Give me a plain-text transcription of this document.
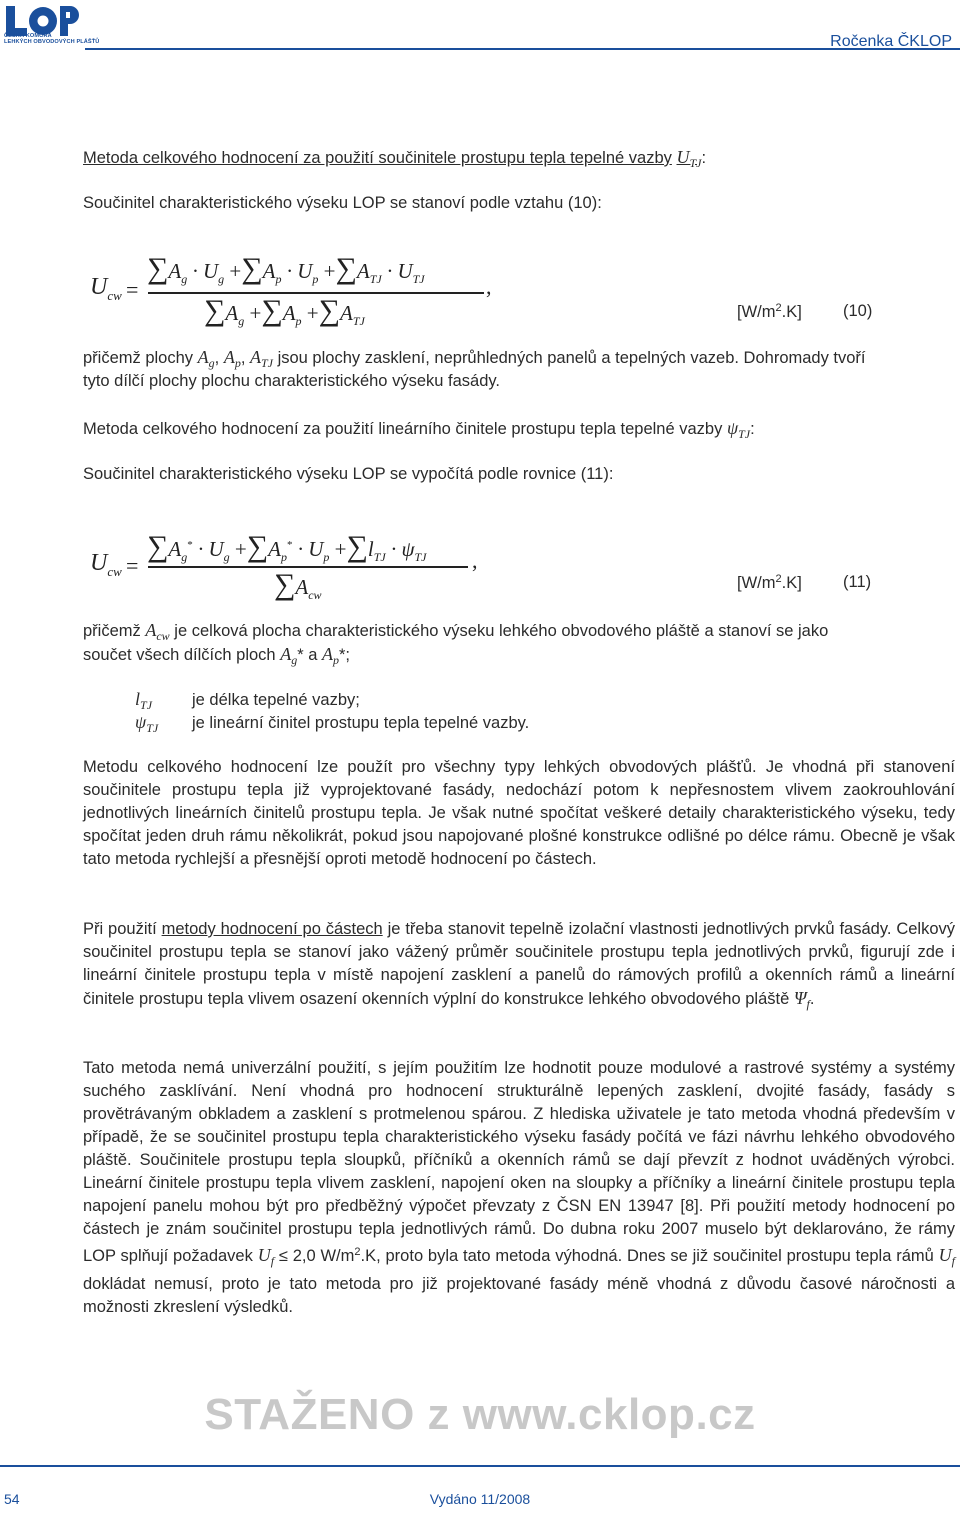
ČESKÁ KOMORA
LEHKÝCH OBVODOVÝCH PLÁŠŤŮ	Ročenka ČKLOP
Metoda celkového hodnocení za použití součinitele prostupu tepla tepelné vazby $U_{TJ}$:
Součinitel charakteristického výseku LOP se stanoví podle vztahu (10):
$U_{cw}$ =
$\sum A_g \cdot U_g +\sum A_p \cdot U_p +\sum A_{TJ} \cdot U_{TJ}$
$\sum A_g +\sum A_p +\sum A_{TJ}$
,
$[W/m^2.K]$ (10)
přičemž plochy $A_g$, $A_p$, $A_{TJ}$ jsou plochy zasklení, neprůhledných panelů a tepelných vazeb. Dohromady tvoří
tyto dílčí plochy plochu charakteristického výseku fasády.
Metoda celkového hodnocení za použití lineárního činitele prostupu tepla tepelné vazby $\psi_{TJ}$:
Součinitel charakteristického výseku LOP se vypočítá podle rovnice (11):
$U_{cw}$ =
$\sum A_g^* \cdot U_g +\sum A_p^* \cdot U_p +\sum l_{TJ} \cdot \psi_{TJ}$
$\sum A_{cw}$
,
$[W/m^2.K]$ (11)
přičemž $A_{cw}$ je celková plocha charakteristického výseku lehkého obvodového pláště a stanoví se jako
součet všech dílčích ploch $A_g*$ a $A_p*$;
$l_{TJ}$ je délka tepelné vazby;
$\psi_{TJ}$ je lineární činitel prostupu tepla tepelné vazby.
Metodu celkového hodnocení lze použít pro všechny typy lehkých obvodových plášťů. Je vhodná při stanovení součinitele prostupu tepla již vyprojektované fasády, nedochází potom k nepřesnostem vlivem zaokrouhlování jednotlivých lineárních činitelů prostupu tepla. Je však nutné spočítat veškeré detaily charakteristického výseku, tedy spočítat jeden druh rámu několikrát, pokud jsou napojované plošné konstrukce odlišné po délce rámu. Obecně je však tato metoda rychlejší a přesnější oproti metodě hodnocení po částech.
Při použití metody hodnocení po částech je třeba stanovit tepelně izolační vlastnosti jednotlivých prvků fasády. Celkový součinitel prostupu tepla se stanoví jako vážený průměr součinitele prostupu tepla jednotlivých prvků, figurují zde i lineární činitele prostupu tepla v místě napojení zasklení a panelů do rámových profilů a okenních rámů a lineární činitele prostupu tepla vlivem osazení okenních výplní do konstrukce lehkého obvodového pláště $\Psi_f$.
Tato metoda nemá univerzální použití, s jejím použitím lze hodnotit pouze modulové a rastrové systémy a systémy suchého zasklívání. Není vhodná pro hodnocení strukturálně lepených zasklení, dvojité fasády, fasády s provětrávaným obkladem a zasklení s protmelenou spárou. Z hlediska uživatele je tato metoda vhodná především v případě, že se součinitel prostupu tepla charakteristického výseku fasády počítá ve fázi návrhu lehkého obvodového pláště. Součinitele prostupu tepla sloupků, příčníků a okenních rámů se dají převzít z hodnot uváděných výrobci. Lineární činitele prostupu tepla vlivem zasklení, napojení oken na sloupky a příčníky a lineární činitele prostupu tepla napojení panelu mohou být pro předběžný výpočet převzaty z ČSN EN 13947 [8]. Při použití metody hodnocení po částech je znám součinitel prostupu tepla jednotlivých rámů. Do dubna roku 2007 muselo být deklarováno, že rámy LOP splňují požadavek $U_f \le 2,0$ $W/m^2.K$, proto byla tato metoda výhodná. Dnes se již součinitel prostupu tepla rámů $U_f$ dokládat nemusí, proto je tato metoda pro již projektované fasády méně vhodná z důvodu časové náročnosti a možnosti zkreslení výsledků.
STAŽENO z www.cklop.cz
54	Vydáno 11/2008
